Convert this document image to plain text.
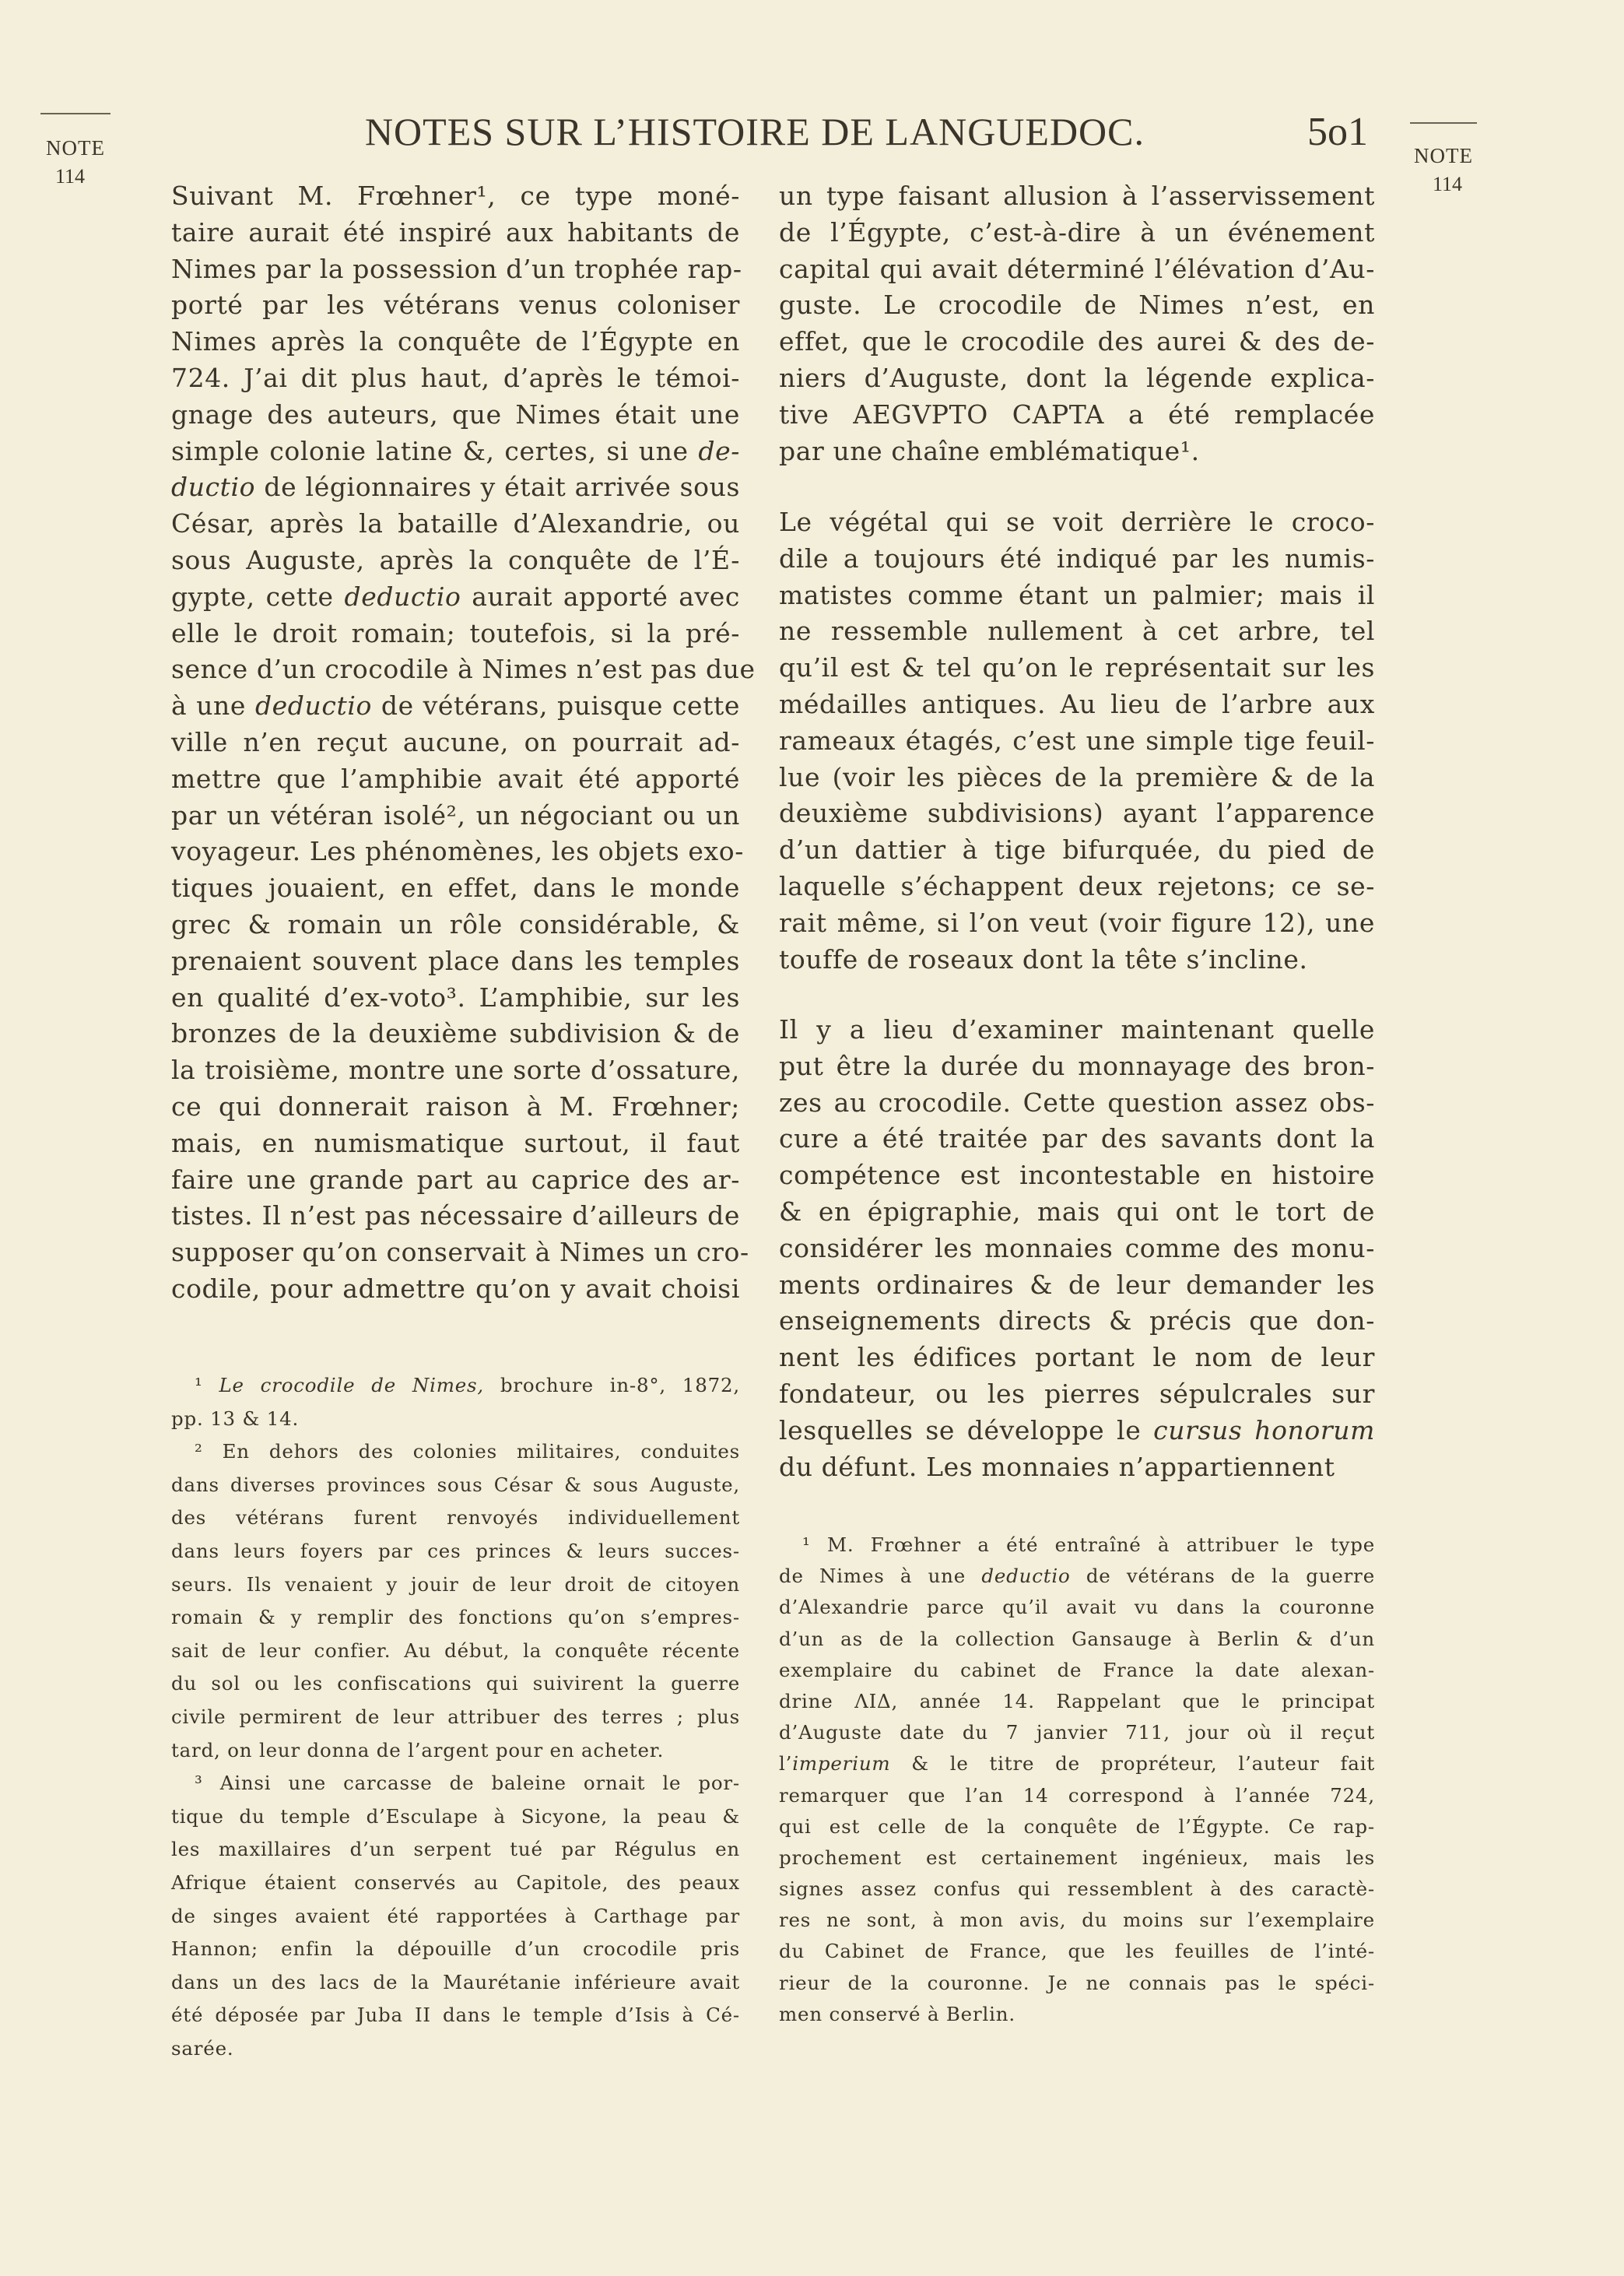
NOTES SUR L’HISTOIRE DE LANGUEDOC.	5o1
NOTE
114
NOTE
114
Suivant M. Frœhner¹, ce type moné-
taire aurait été inspiré aux habitants de
Nimes par la possession d’un trophée rap-
porté par les vétérans venus coloniser
Nimes après la conquête de l’Égypte en
724. J’ai dit plus haut, d’après le témoi-
gnage des auteurs, que Nimes était une
simple colonie latine &, certes, si une de-
ductio de légionnaires y était arrivée sous
César, après la bataille d’Alexandrie, ou
sous Auguste, après la conquête de l’É-
gypte, cette deductio aurait apporté avec
elle le droit romain; toutefois, si la pré-
sence d’un crocodile à Nimes n’est pas due
à une deductio de vétérans, puisque cette
ville n’en reçut aucune, on pourrait ad-
mettre que l’amphibie avait été apporté
par un vétéran isolé², un négociant ou un
voyageur. Les phénomènes, les objets exo-
tiques jouaient, en effet, dans le monde
grec & romain un rôle considérable, &
prenaient souvent place dans les temples
en qualité d’ex-voto³. L’amphibie, sur les
bronzes de la deuxième subdivision & de
la troisième, montre une sorte d’ossature,
ce qui donnerait raison à M. Frœhner;
mais, en numismatique surtout, il faut
faire une grande part au caprice des ar-
tistes. Il n’est pas nécessaire d’ailleurs de
supposer qu’on conservait à Nimes un cro-
codile, pour admettre qu’on y avait choisi
un type faisant allusion à l’asservissement
de l’Égypte, c’est-à-dire à un événement
capital qui avait déterminé l’élévation d’Au-
guste. Le crocodile de Nimes n’est, en
effet, que le crocodile des aurei & des de-
niers d’Auguste, dont la légende explica-
tive AEGVPTO CAPTA a été remplacée
par une chaîne emblématique¹.
Le végétal qui se voit derrière le croco-
dile a toujours été indiqué par les numis-
matistes comme étant un palmier; mais il
ne ressemble nullement à cet arbre, tel
qu’il est & tel qu’on le représentait sur les
médailles antiques. Au lieu de l’arbre aux
rameaux étagés, c’est une simple tige feuil-
lue (voir les pièces de la première & de la
deuxième subdivisions) ayant l’apparence
d’un dattier à tige bifurquée, du pied de
laquelle s’échappent deux rejetons; ce se-
rait même, si l’on veut (voir figure 12), une
touffe de roseaux dont la tête s’incline.
Il y a lieu d’examiner maintenant quelle
put être la durée du monnayage des bron-
zes au crocodile. Cette question assez obs-
cure a été traitée par des savants dont la
compétence est incontestable en histoire
& en épigraphie, mais qui ont le tort de
considérer les monnaies comme des monu-
ments ordinaires & de leur demander les
enseignements directs & précis que don-
nent les édifices portant le nom de leur
fondateur, ou les pierres sépulcrales sur
lesquelles se développe le cursus honorum
du défunt. Les monnaies n’appartiennent
¹ Le crocodile de Nimes, brochure in-8°, 1872,
pp. 13 & 14.
² En dehors des colonies militaires, conduites
dans diverses provinces sous César & sous Auguste,
des vétérans furent renvoyés individuellement
dans leurs foyers par ces princes & leurs succes-
seurs. Ils venaient y jouir de leur droit de citoyen
romain & y remplir des fonctions qu’on s’empres-
sait de leur confier. Au début, la conquête récente
du sol ou les confiscations qui suivirent la guerre
civile permirent de leur attribuer des terres ; plus
tard, on leur donna de l’argent pour en acheter.
³ Ainsi une carcasse de baleine ornait le por-
tique du temple d’Esculape à Sicyone, la peau &
les maxillaires d’un serpent tué par Régulus en
Afrique étaient conservés au Capitole, des peaux
de singes avaient été rapportées à Carthage par
Hannon; enfin la dépouille d’un crocodile pris
dans un des lacs de la Maurétanie inférieure avait
été déposée par Juba II dans le temple d’Isis à Cé-
sarée.
¹ M. Frœhner a été entraîné à attribuer le type
de Nimes à une deductio de vétérans de la guerre
d’Alexandrie parce qu’il avait vu dans la couronne
d’un as de la collection Gansauge à Berlin & d’un
exemplaire du cabinet de France la date alexan-
drine ΛΙΔ, année 14. Rappelant que le principat
d’Auguste date du 7 janvier 711, jour où il reçut
l’imperium & le titre de propréteur, l’auteur fait
remarquer que l’an 14 correspond à l’année 724,
qui est celle de la conquête de l’Égypte. Ce rap-
prochement est certainement ingénieux, mais les
signes assez confus qui ressemblent à des caractè-
res ne sont, à mon avis, du moins sur l’exemplaire
du Cabinet de France, que les feuilles de l’inté-
rieur de la couronne. Je ne connais pas le spéci-
men conservé à Berlin.
